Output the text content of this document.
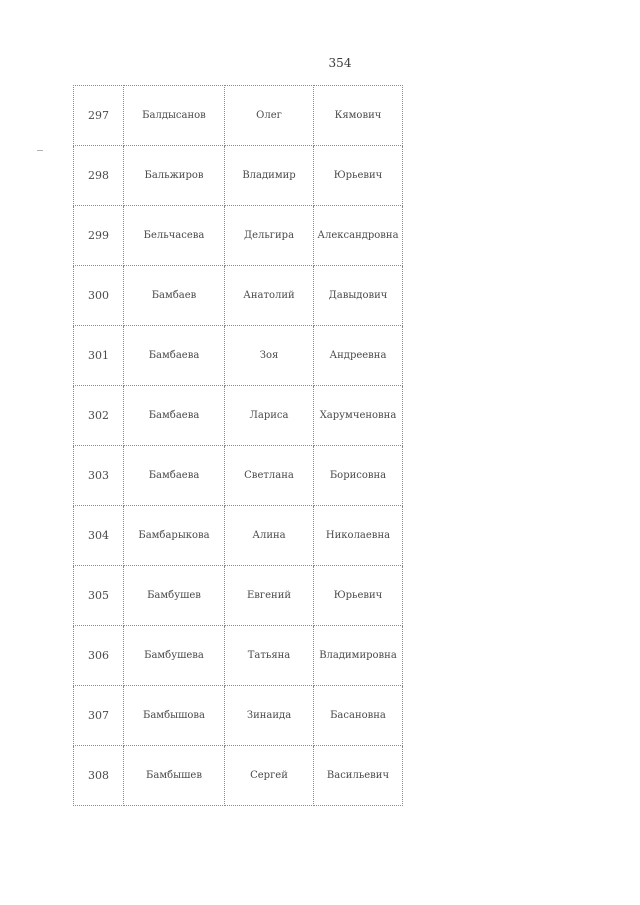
354
297	Балдысанов	Олег	Кямович
298	Бальжиров	Владимир	Юрьевич
299	Бельчасева	Дельгира	Александровна
300	Бамбаев	Анатолий	Давыдович
301	Бамбаева	Зоя	Андреевна
302	Бамбаева	Лариса	Харумченовна
303	Бамбаева	Светлана	Борисовна
304	Бамбарыкова	Алина	Николаевна
305	Бамбушев	Евгений	Юрьевич
306	Бамбушева	Татьяна	Владимировна
307	Бамбышова	Зинаида	Басановна
308	Бамбышев	Сергей	Васильевич
